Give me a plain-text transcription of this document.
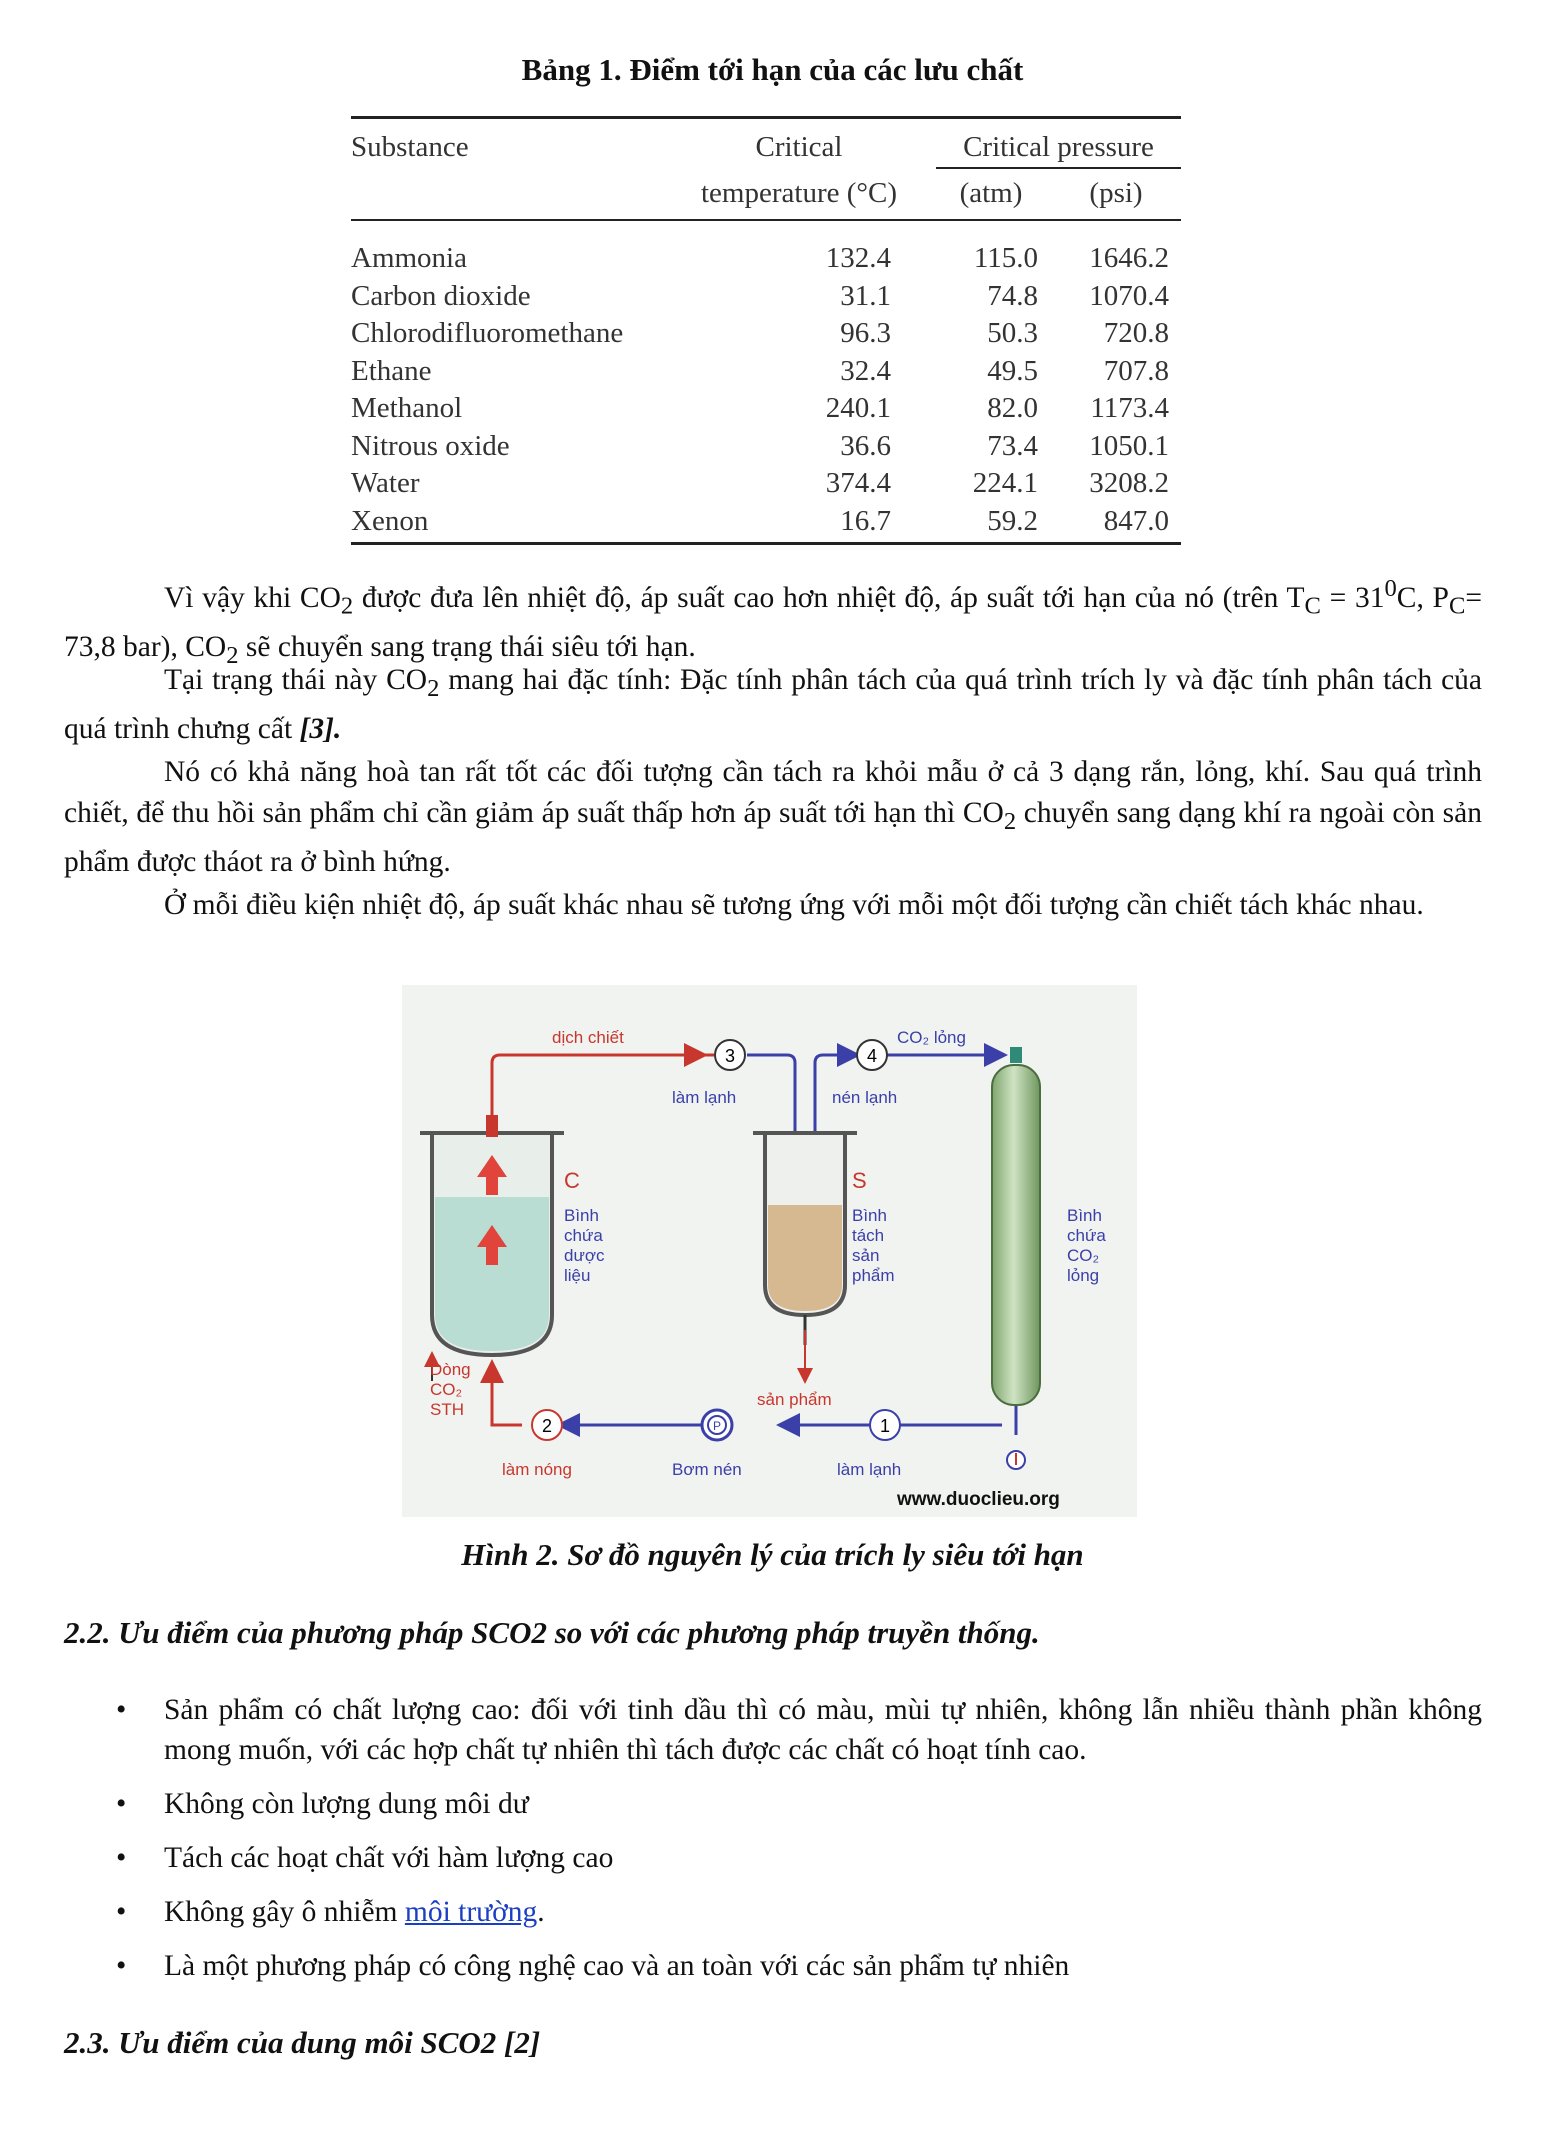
Bảng 1. Điểm tới hạn của các lưu chất
Substance	Critical
temperature (°C)
Critical pressure
(atm)	(psi)
Ammonia	132.4	115.0	1646.2
Carbon dioxide	31.1	74.8	1070.4
Chlorodifluoromethane	96.3	50.3	720.8
Ethane	32.4	49.5	707.8
Methanol	240.1	82.0	1173.4
Nitrous oxide	36.6	73.4	1050.1
Water	374.4	224.1	3208.2
Xenon	16.7	59.2	847.0

Vì vậy khi $CO_2$ được đưa lên nhiệt độ, áp suất cao hơn nhiệt độ, áp suất tới hạn của nó (trên $T_C = 31^0C$, $P_C= 73,8$ bar), $CO_2$ sẽ chuyển sang trạng thái siêu tới hạn.

Tại trạng thái này $CO_2$ mang hai đặc tính: Đặc tính phân tách của quá trình trích ly và đặc tính phân tách của quá trình chưng cất [3].

Nó có khả năng hoà tan rất tốt các đối tượng cần tách ra khỏi mẫu ở cả 3 dạng rắn, lỏng, khí. Sau quá trình chiết, để thu hồi sản phẩm chỉ cần giảm áp suất thấp hơn áp suất tới hạn thì $CO_2$ chuyển sang dạng khí ra ngoài còn sản phẩm được tháot ra ở bình hứng.

Ở mỗi điều kiện nhiệt độ, áp suất khác nhau sẽ tương ứng với mỗi một đối tượng cần chiết tách khác nhau.

3	4
2	P	1
dịch chiết	CO₂ lỏng
làm lạnh	nén lạnh
C
Bình chứa dược liệu
S
Bình tách sản phẩm
Bình chứa CO₂ lỏng
Dòng CO₂ STH
sản phẩm
làm nóng	Bơm nén	làm lạnh
www.duoclieu.org
Hình 2. Sơ đồ nguyên lý của trích ly siêu tới hạn
2.2. Ưu điểm của phương pháp SCO2 so với các phương pháp truyền thống.
• Sản phẩm có chất lượng cao: đối với tinh dầu thì có màu, mùi tự nhiên, không lẫn nhiều thành phần không mong muốn, với các hợp chất tự nhiên thì tách được các chất có hoạt tính cao.
• Không còn lượng dung môi dư
• Tách các hoạt chất với hàm lượng cao
• Không gây ô nhiễm môi trường.
• Là một phương pháp có công nghệ cao và an toàn với các sản phẩm tự nhiên
2.3. Ưu điểm của dung môi SCO2 [2]
